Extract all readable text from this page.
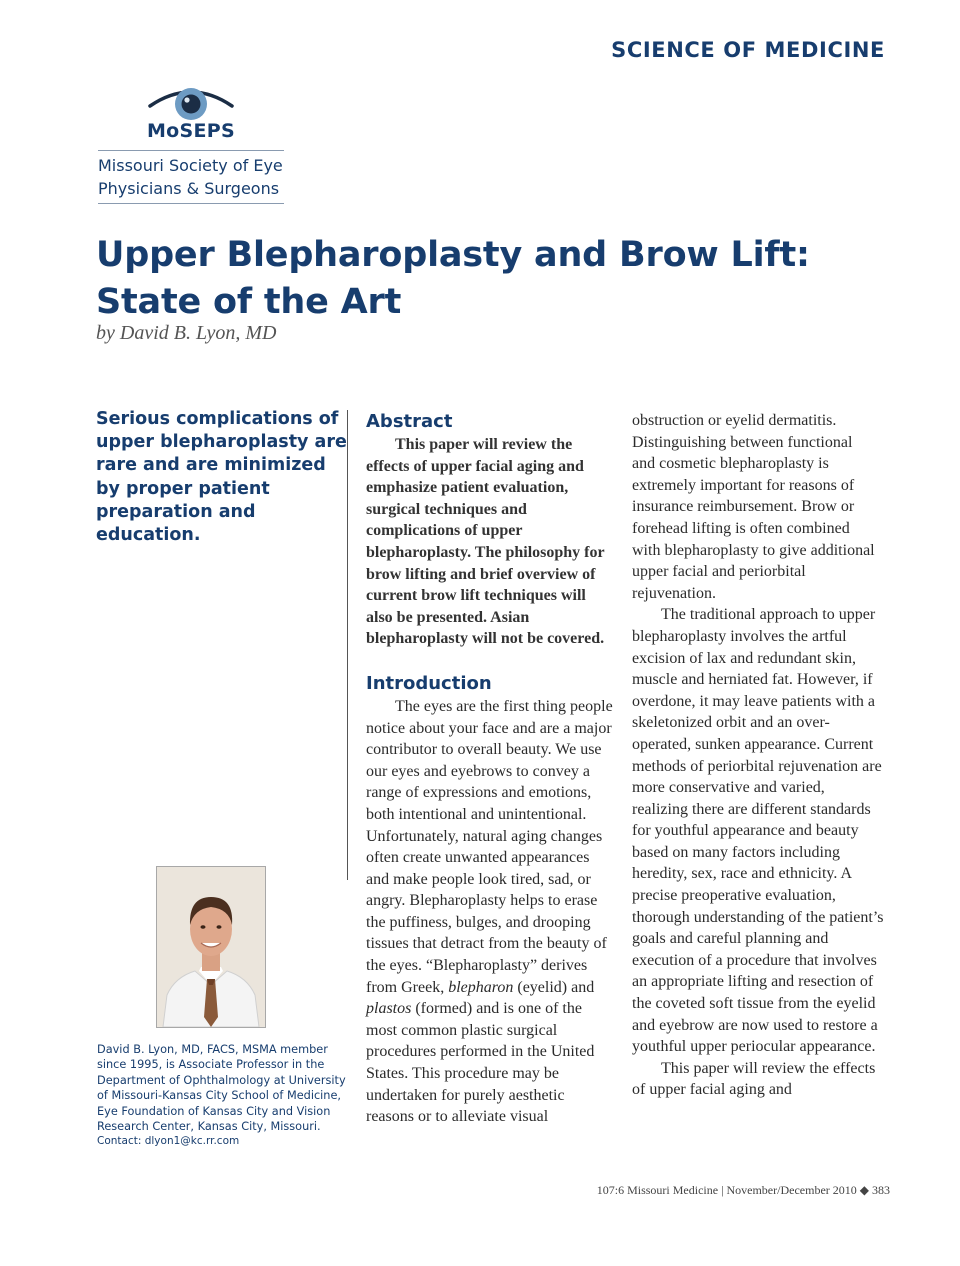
SCIENCE OF MEDICINE
MoSEPS
Missouri Society of Eye
Physicians & Surgeons
Upper Blepharoplasty and Brow Lift:
State of the Art
by David B. Lyon, MD

Serious complications of upper blepharoplasty are rare and are minimized by proper patient preparation and education.

David B. Lyon, MD, FACS, MSMA member since 1995, is Associate Professor in the Department of Ophthalmology at University of Missouri-Kansas City School of Medicine, Eye Foundation of Kansas City and Vision Research Center, Kansas City, Missouri.
Contact: dlyon1@kc.rr.com
Abstract

This paper will review the effects of upper facial aging and emphasize patient evaluation, surgical techniques and complications of upper blepharoplasty. The philosophy for brow lifting and brief overview of current brow lift techniques will also be presented. Asian blepharoplasty will not be covered.

Introduction

The eyes are the first thing people notice about your face and are a major contributor to overall beauty. We use our eyes and eyebrows to convey a range of expressions and emotions, both intentional and unintentional. Unfortunately, natural aging changes often create unwanted appearances and make people look tired, sad, or angry. Blepharoplasty helps to erase the puffiness, bulges, and drooping tissues that detract from the beauty of the eyes. “Blepharoplasty” derives from Greek, blepharon (eyelid) and plastos (formed) and is one of the most common plastic surgical procedures performed in the United States. This procedure may be undertaken for purely aesthetic reasons or to alleviate visual

obstruction or eyelid dermatitis.
Distinguishing between functional
and cosmetic blepharoplasty is
extremely important for reasons of
insurance reimbursement. Brow or
forehead lifting is often combined
with blepharoplasty to give additional
upper facial and periorbital
rejuvenation.

The traditional approach to upper blepharoplasty involves the artful excision of lax and redundant skin, muscle and herniated fat. However, if overdone, it may leave patients with a skeletonized orbit and an over-operated, sunken appearance. Current methods of periorbital rejuvenation are more conservative and varied, realizing there are different standards for youthful appearance and beauty based on many factors including heredity, sex, race and ethnicity. A precise preoperative evaluation, thorough understanding of the patient’s goals and careful planning and execution of a procedure that involves an appropriate lifting and resection of the coveted soft tissue from the eyelid and eyebrow are now used to restore a youthful upper periocular appearance.

This paper will review the effects of upper facial aging and

107:6 Missouri Medicine | November/December 2010 ◆ 383
